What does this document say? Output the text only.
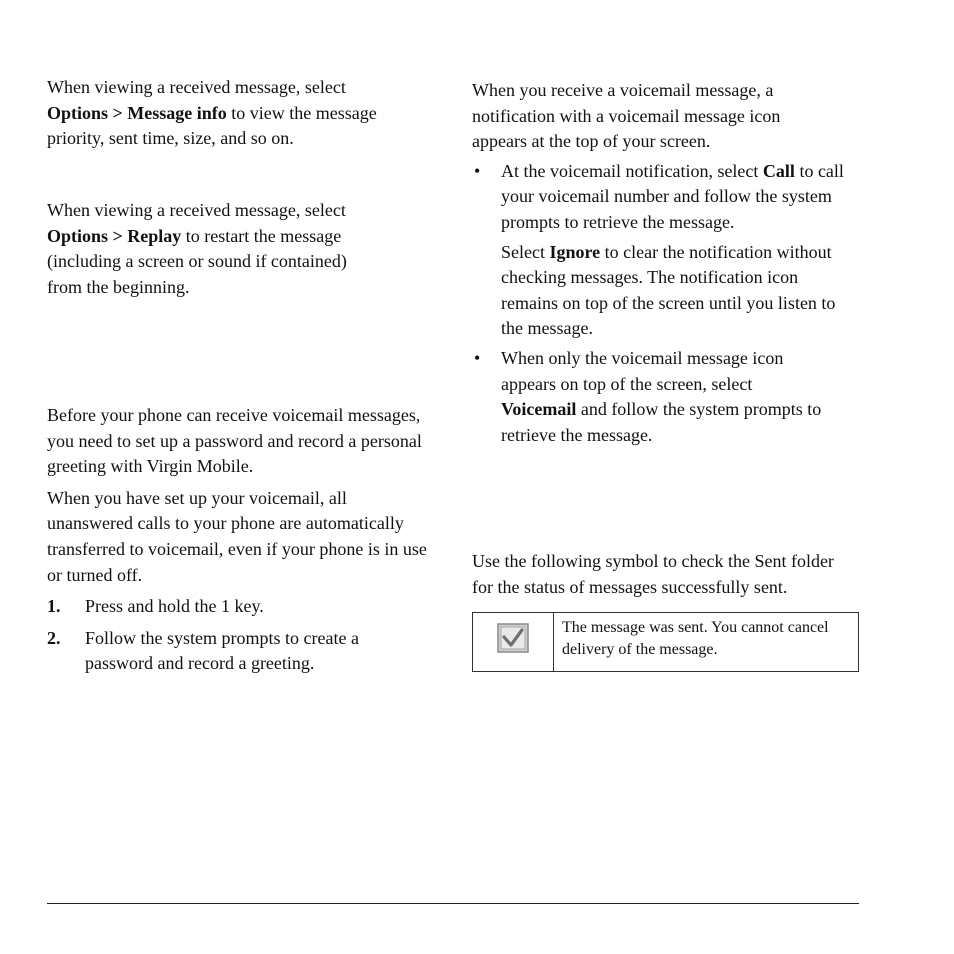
When viewing a received message, select
Options > Message info to view the message
priority, sent time, size, and so on.

When viewing a received message, select
Options > Replay to restart the message
(including a screen or sound if contained)
from the beginning.

Before your phone can receive voicemail messages, you need to set up a password and record a personal greeting with Virgin Mobile.

When you have set up your voicemail, all unanswered calls to your phone are automatically transferred to voicemail, even if your phone is in use or turned off.

1.	Press and hold the 1 key.
2.	Follow the system prompts to create a password and record a greeting.

When you receive a voicemail message, a notification with a voicemail message icon appears at the top of your screen.

•	At the voicemail notification, select Call to call your voicemail number and follow the system prompts to retrieve the message.

Select Ignore to clear the notification without checking messages. The notification icon remains on top of the screen until you listen to the message.

•	When only the voicemail message icon appears on top of the screen, select Voicemail and follow the system prompts to retrieve the message.

Use the following symbol to check the Sent folder for the status of messages successfully sent.

The message was sent. You cannot cancel delivery of the message.
